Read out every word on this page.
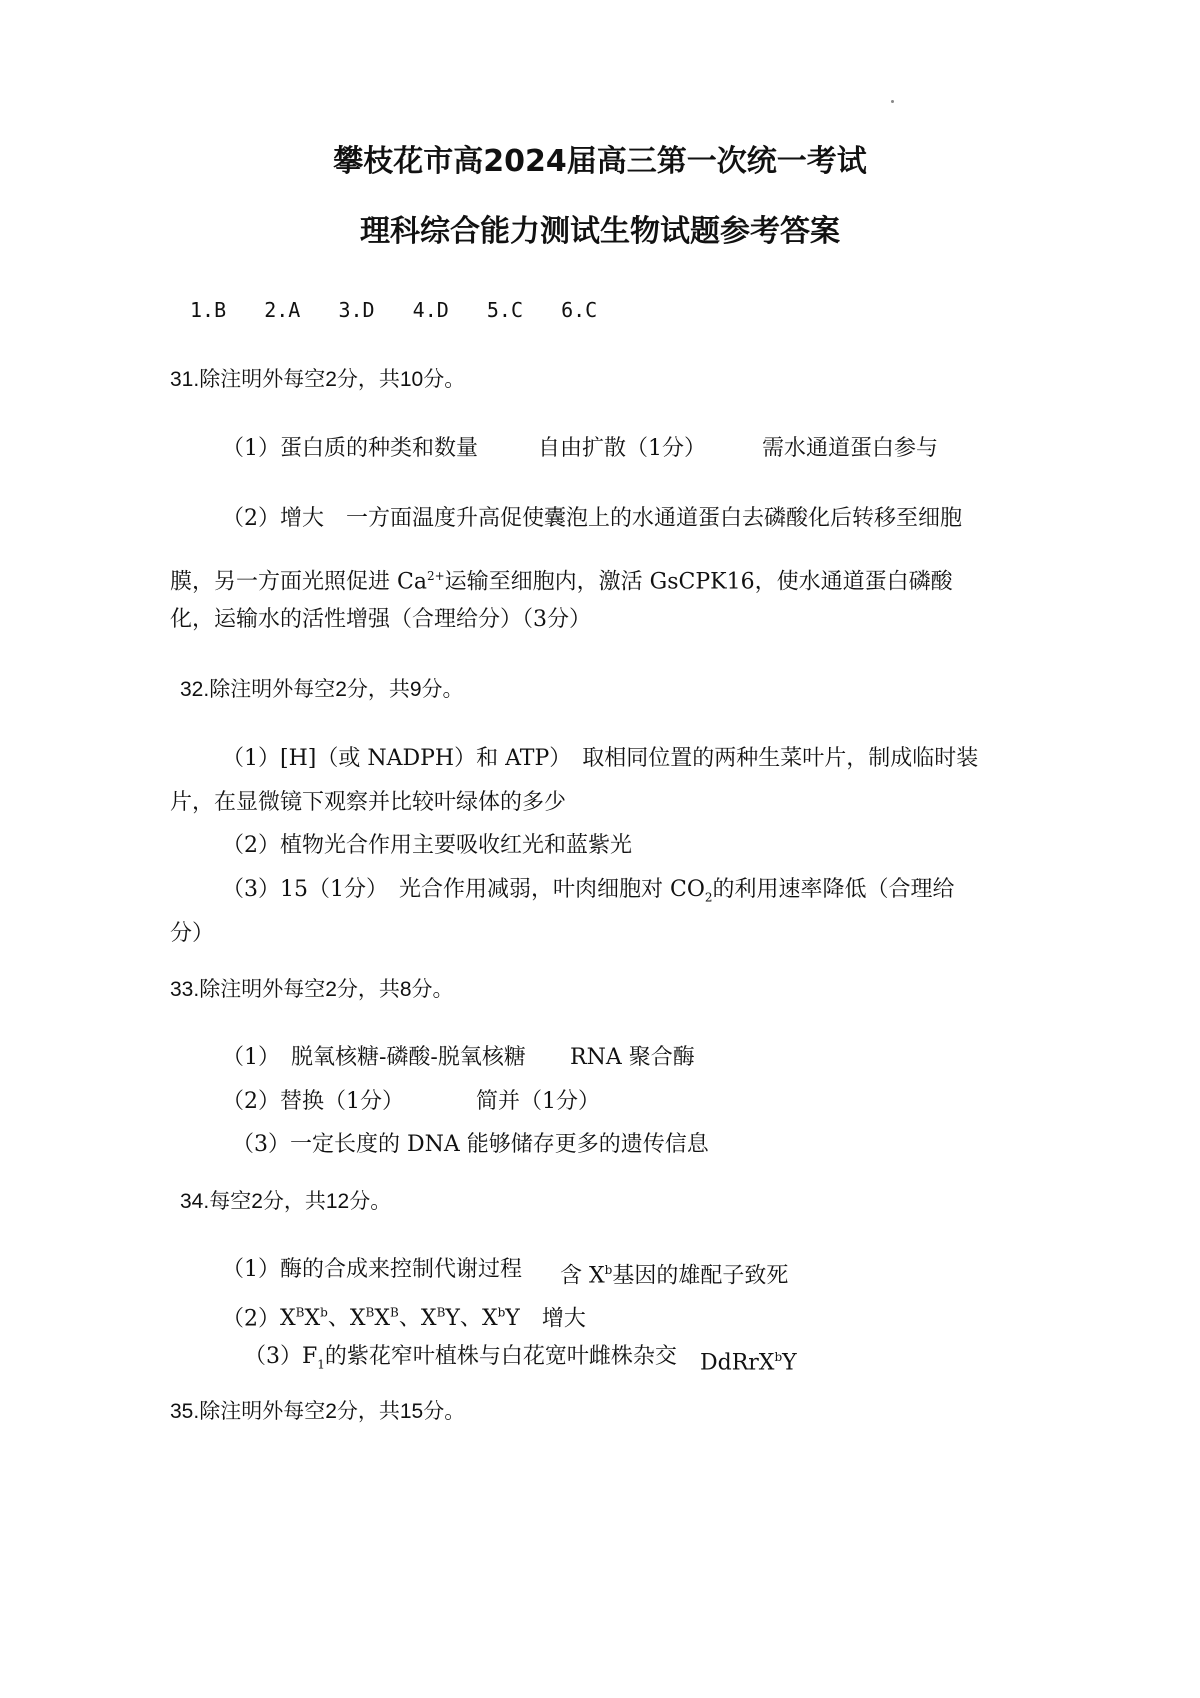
攀枝花市高2024届高三第一次统一考试
理科综合能力测试生物试题参考答案
1.B 2.A 3.D 4.D 5.C 6.C
31.除注明外每空2分，共10分。
（1）蛋白质的种类和数量	自由扩散（1分）	需水通道蛋白参与
（2）增大　一方面温度升高促使囊泡上的水通道蛋白去磷酸化后转移至细胞
膜，另一方面光照促进 $Ca^{2+}$运输至细胞内，激活 GsCPK16，使水通道蛋白磷酸
化，运输水的活性增强（合理给分）（3分）
32.除注明外每空2分，共9分。
（1）[H]（或 NADPH）和 ATP）　取相同位置的两种生菜叶片，制成临时装
片，在显微镜下观察并比较叶绿体的多少
（2）植物光合作用主要吸收红光和蓝紫光
（3）15（1分）　光合作用减弱，叶肉细胞对 $CO_2$的利用速率降低（合理给
分）
33.除注明外每空2分，共8分。
（1）　脱氧核糖-磷酸-脱氧核糖 RNA 聚合酶
（2）替换（1分）	简并（1分）
（3）一定长度的 DNA 能够储存更多的遗传信息
34.每空2分，共12分。
（1）酶的合成来控制代谢过程 含 $X^b$基因的雄配子致死
$(2)X^BX^b$、$X^BX^B$、$X^BY$、$X^bY$ 增大
$(3)F_1$的紫花窄叶植株与白花宽叶雌株杂交 DdRrX$^b$Y
35.除注明外每空2分，共15分。
